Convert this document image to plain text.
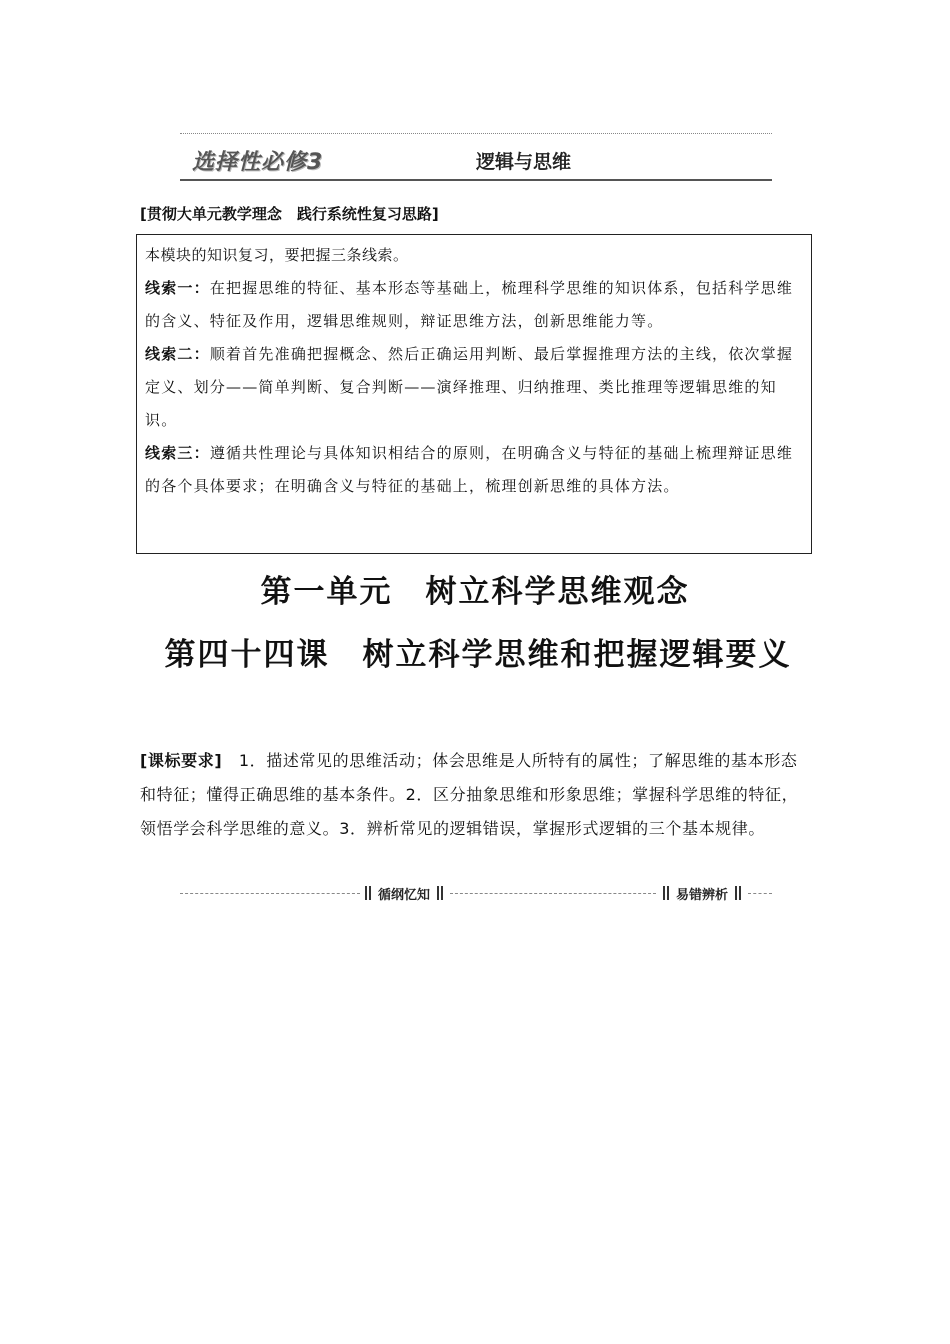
选择性必修3	逻辑与思维
[贯彻大单元教学理念　践行系统性复习思路]

本模块的知识复习，要把握三条线索。

线索一：在把握思维的特征、基本形态等基础上，梳理科学思维的知识体系，包括科学思维的含义、特征及作用，逻辑思维规则，辩证思维方法，创新思维能力等。

线索二：顺着首先准确把握概念、然后正确运用判断、最后掌握推理方法的主线，依次掌握定义、划分——简单判断、复合判断——演绎推理、归纳推理、类比推理等逻辑思维的知识。

线索三：遵循共性理论与具体知识相结合的原则，在明确含义与特征的基础上梳理辩证思维的各个具体要求；在明确含义与特征的基础上，梳理创新思维的具体方法。

第一单元　树立科学思维观念
第四十四课　树立科学思维和把握逻辑要义
[课标要求]　1．描述常见的思维活动；体会思维是人所特有的属性；了解思维的基本形态和特征；懂得正确思维的基本条件。2．区分抽象思维和形象思维；掌握科学思维的特征，领悟学会科学思维的意义。3．辨析常见的逻辑错误，掌握形式逻辑的三个基本规律。
循纲忆知	易错辨析
